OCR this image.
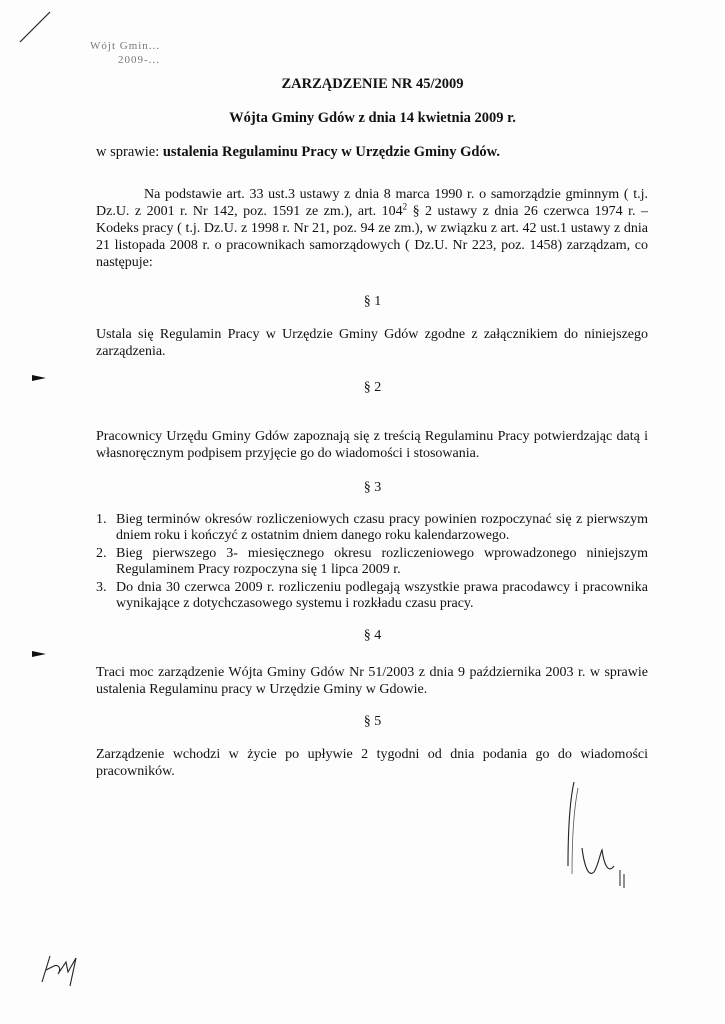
Wójt Gmin...
2009-...
ZARZĄDZENIE NR 45/2009
Wójta Gminy Gdów z dnia 14 kwietnia 2009 r.
w sprawie: ustalenia Regulaminu Pracy w Urzędzie Gminy Gdów.
Na podstawie art. 33 ust.3 ustawy z dnia 8 marca 1990 r. o samorządzie gminnym ( t.j. Dz.U. z 2001 r. Nr 142, poz. 1591 ze zm.), art. $104^2$ § 2 ustawy z dnia 26 czerwca 1974 r. – Kodeks pracy ( t.j. Dz.U. z 1998 r. Nr 21, poz. 94 ze zm.), w związku z art. 42 ust.1 ustawy z dnia 21 listopada 2008 r. o pracownikach samorządowych ( Dz.U. Nr 223, poz. 1458) zarządzam, co następuje:
§ 1
Ustala się Regulamin Pracy w Urzędzie Gminy Gdów zgodne z załącznikiem do niniejszego zarządzenia.
§ 2
Pracownicy Urzędu Gminy Gdów zapoznają się z treścią Regulaminu Pracy potwierdzając datą i własnoręcznym podpisem przyjęcie go do wiadomości i stosowania.
§ 3
1. Bieg terminów okresów rozliczeniowych czasu pracy powinien rozpoczynać się z pierwszym dniem roku i kończyć z ostatnim dniem danego roku kalendarzowego.
2. Bieg pierwszego 3- miesięcznego okresu rozliczeniowego wprowadzonego niniejszym Regulaminem Pracy rozpoczyna się 1 lipca 2009 r.
3. Do dnia 30 czerwca 2009 r. rozliczeniu podlegają wszystkie prawa pracodawcy i pracownika wynikające z dotychczasowego systemu i rozkładu czasu pracy.
§ 4
Traci moc zarządzenie Wójta Gminy Gdów Nr 51/2003 z dnia 9 października 2003 r. w sprawie ustalenia Regulaminu pracy w Urzędzie Gminy w Gdowie.
§ 5
Zarządzenie wchodzi w życie po upływie 2 tygodni od dnia podania go do wiadomości pracowników.
